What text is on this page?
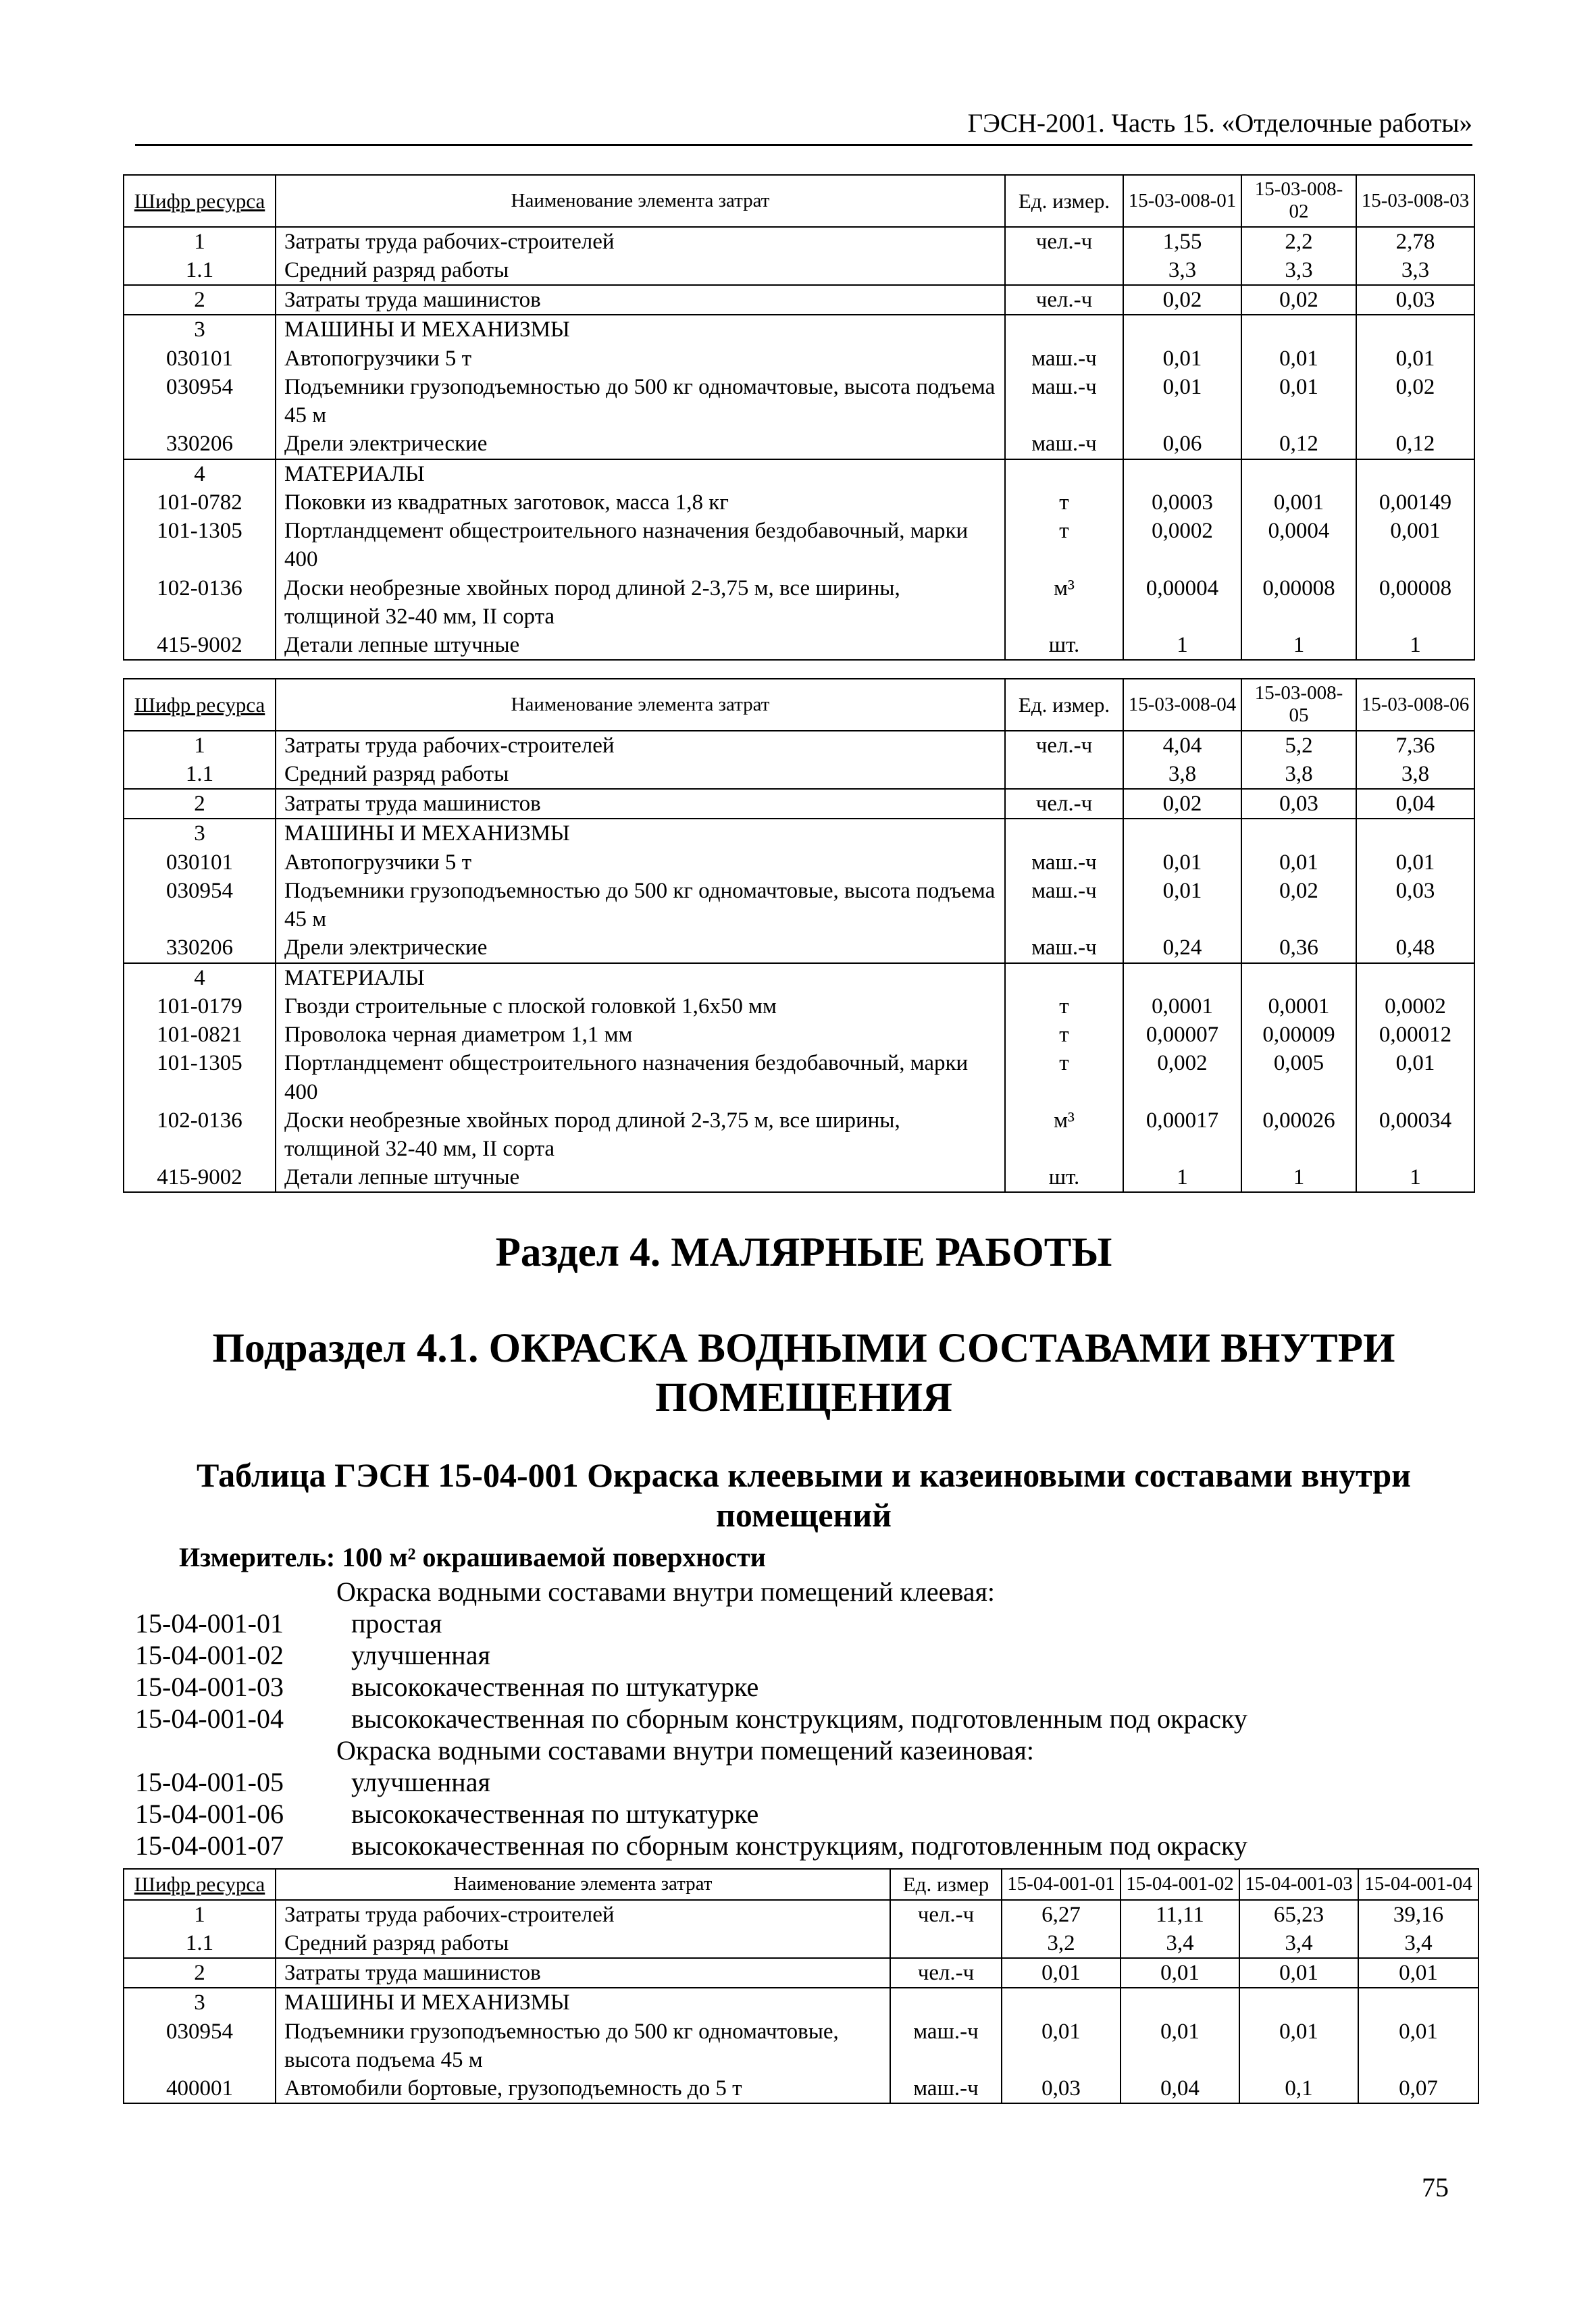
ГЭСН-2001. Часть 15. «Отделочные работы»
Шифр ресурса	Наименование элемента затрат	Ед. измер.	15-03-008-01	15-03-008-02	15-03-008-03
1	Затраты труда рабочих-строителей	чел.-ч	1,55	2,2	2,78
1.1	Средний разряд работы		3,3	3,3	3,3
2	Затраты труда машинистов	чел.-ч	0,02	0,02	0,03
3	МАШИНЫ И МЕХАНИЗМЫ				
030101	Автопогрузчики 5 т	маш.-ч	0,01	0,01	0,01
030954	Подъемники грузоподъемностью до 500 кг одномачтовые, высота подъема 45 м	маш.-ч	0,01	0,01	0,02
330206	Дрели электрические	маш.-ч	0,06	0,12	0,12
4	МАТЕРИАЛЫ				
101-0782	Поковки из квадратных заготовок, масса 1,8 кг	т	0,0003	0,001	0,00149
101-1305	Портландцемент общестроительного назначения бездобавочный, марки 400	т	0,0002	0,0004	0,001
102-0136	Доски необрезные хвойных пород длиной 2-3,75 м, все ширины, толщиной 32-40 мм, II сорта	м³	0,00004	0,00008	0,00008
415-9002	Детали лепные штучные	шт.	1	1	1
Шифр ресурса	Наименование элемента затрат	Ед. измер.	15-03-008-04	15-03-008-05	15-03-008-06
1	Затраты труда рабочих-строителей	чел.-ч	4,04	5,2	7,36
1.1	Средний разряд работы		3,8	3,8	3,8
2	Затраты труда машинистов	чел.-ч	0,02	0,03	0,04
3	МАШИНЫ И МЕХАНИЗМЫ				
030101	Автопогрузчики 5 т	маш.-ч	0,01	0,01	0,01
030954	Подъемники грузоподъемностью до 500 кг одномачтовые, высота подъема 45 м	маш.-ч	0,01	0,02	0,03
330206	Дрели электрические	маш.-ч	0,24	0,36	0,48
4	МАТЕРИАЛЫ				
101-0179	Гвозди строительные с плоской головкой 1,6х50 мм	т	0,0001	0,0001	0,0002
101-0821	Проволока черная диаметром 1,1 мм	т	0,00007	0,00009	0,00012
101-1305	Портландцемент общестроительного назначения бездобавочный, марки 400	т	0,002	0,005	0,01
102-0136	Доски необрезные хвойных пород длиной 2-3,75 м, все ширины, толщиной 32-40 мм, II сорта	м³	0,00017	0,00026	0,00034
415-9002	Детали лепные штучные	шт.	1	1	1
Раздел 4. МАЛЯРНЫЕ РАБОТЫ
Подраздел 4.1. ОКРАСКА ВОДНЫМИ СОСТАВАМИ ВНУТРИ ПОМЕЩЕНИЯ
Таблица ГЭСН 15-04-001 Окраска клеевыми и казеиновыми составами внутри помещений
Измеритель: 100 м² окрашиваемой поверхности
Окраска водными составами внутри помещений клеевая:
15-04-001-01	простая
15-04-001-02	улучшенная
15-04-001-03	высококачественная по штукатурке
15-04-001-04	высококачественная по сборным конструкциям, подготовленным под окраску
Окраска водными составами внутри помещений казеиновая:
15-04-001-05	улучшенная
15-04-001-06	высококачественная по штукатурке
15-04-001-07	высококачественная по сборным конструкциям, подготовленным под окраску
Шифр ресурса	Наименование элемента затрат	Ед. измер	15-04-001-01	15-04-001-02	15-04-001-03	15-04-001-04
1	Затраты труда рабочих-строителей	чел.-ч	6,27	11,11	65,23	39,16
1.1	Средний разряд работы		3,2	3,4	3,4	3,4
2	Затраты труда машинистов	чел.-ч	0,01	0,01	0,01	0,01
3	МАШИНЫ И МЕХАНИЗМЫ					
030954	Подъемники грузоподъемностью до 500 кг одномачтовые, высота подъема 45 м	маш.-ч	0,01	0,01	0,01	0,01
400001	Автомобили бортовые, грузоподъемность до 5 т	маш.-ч	0,03	0,04	0,1	0,07
75
